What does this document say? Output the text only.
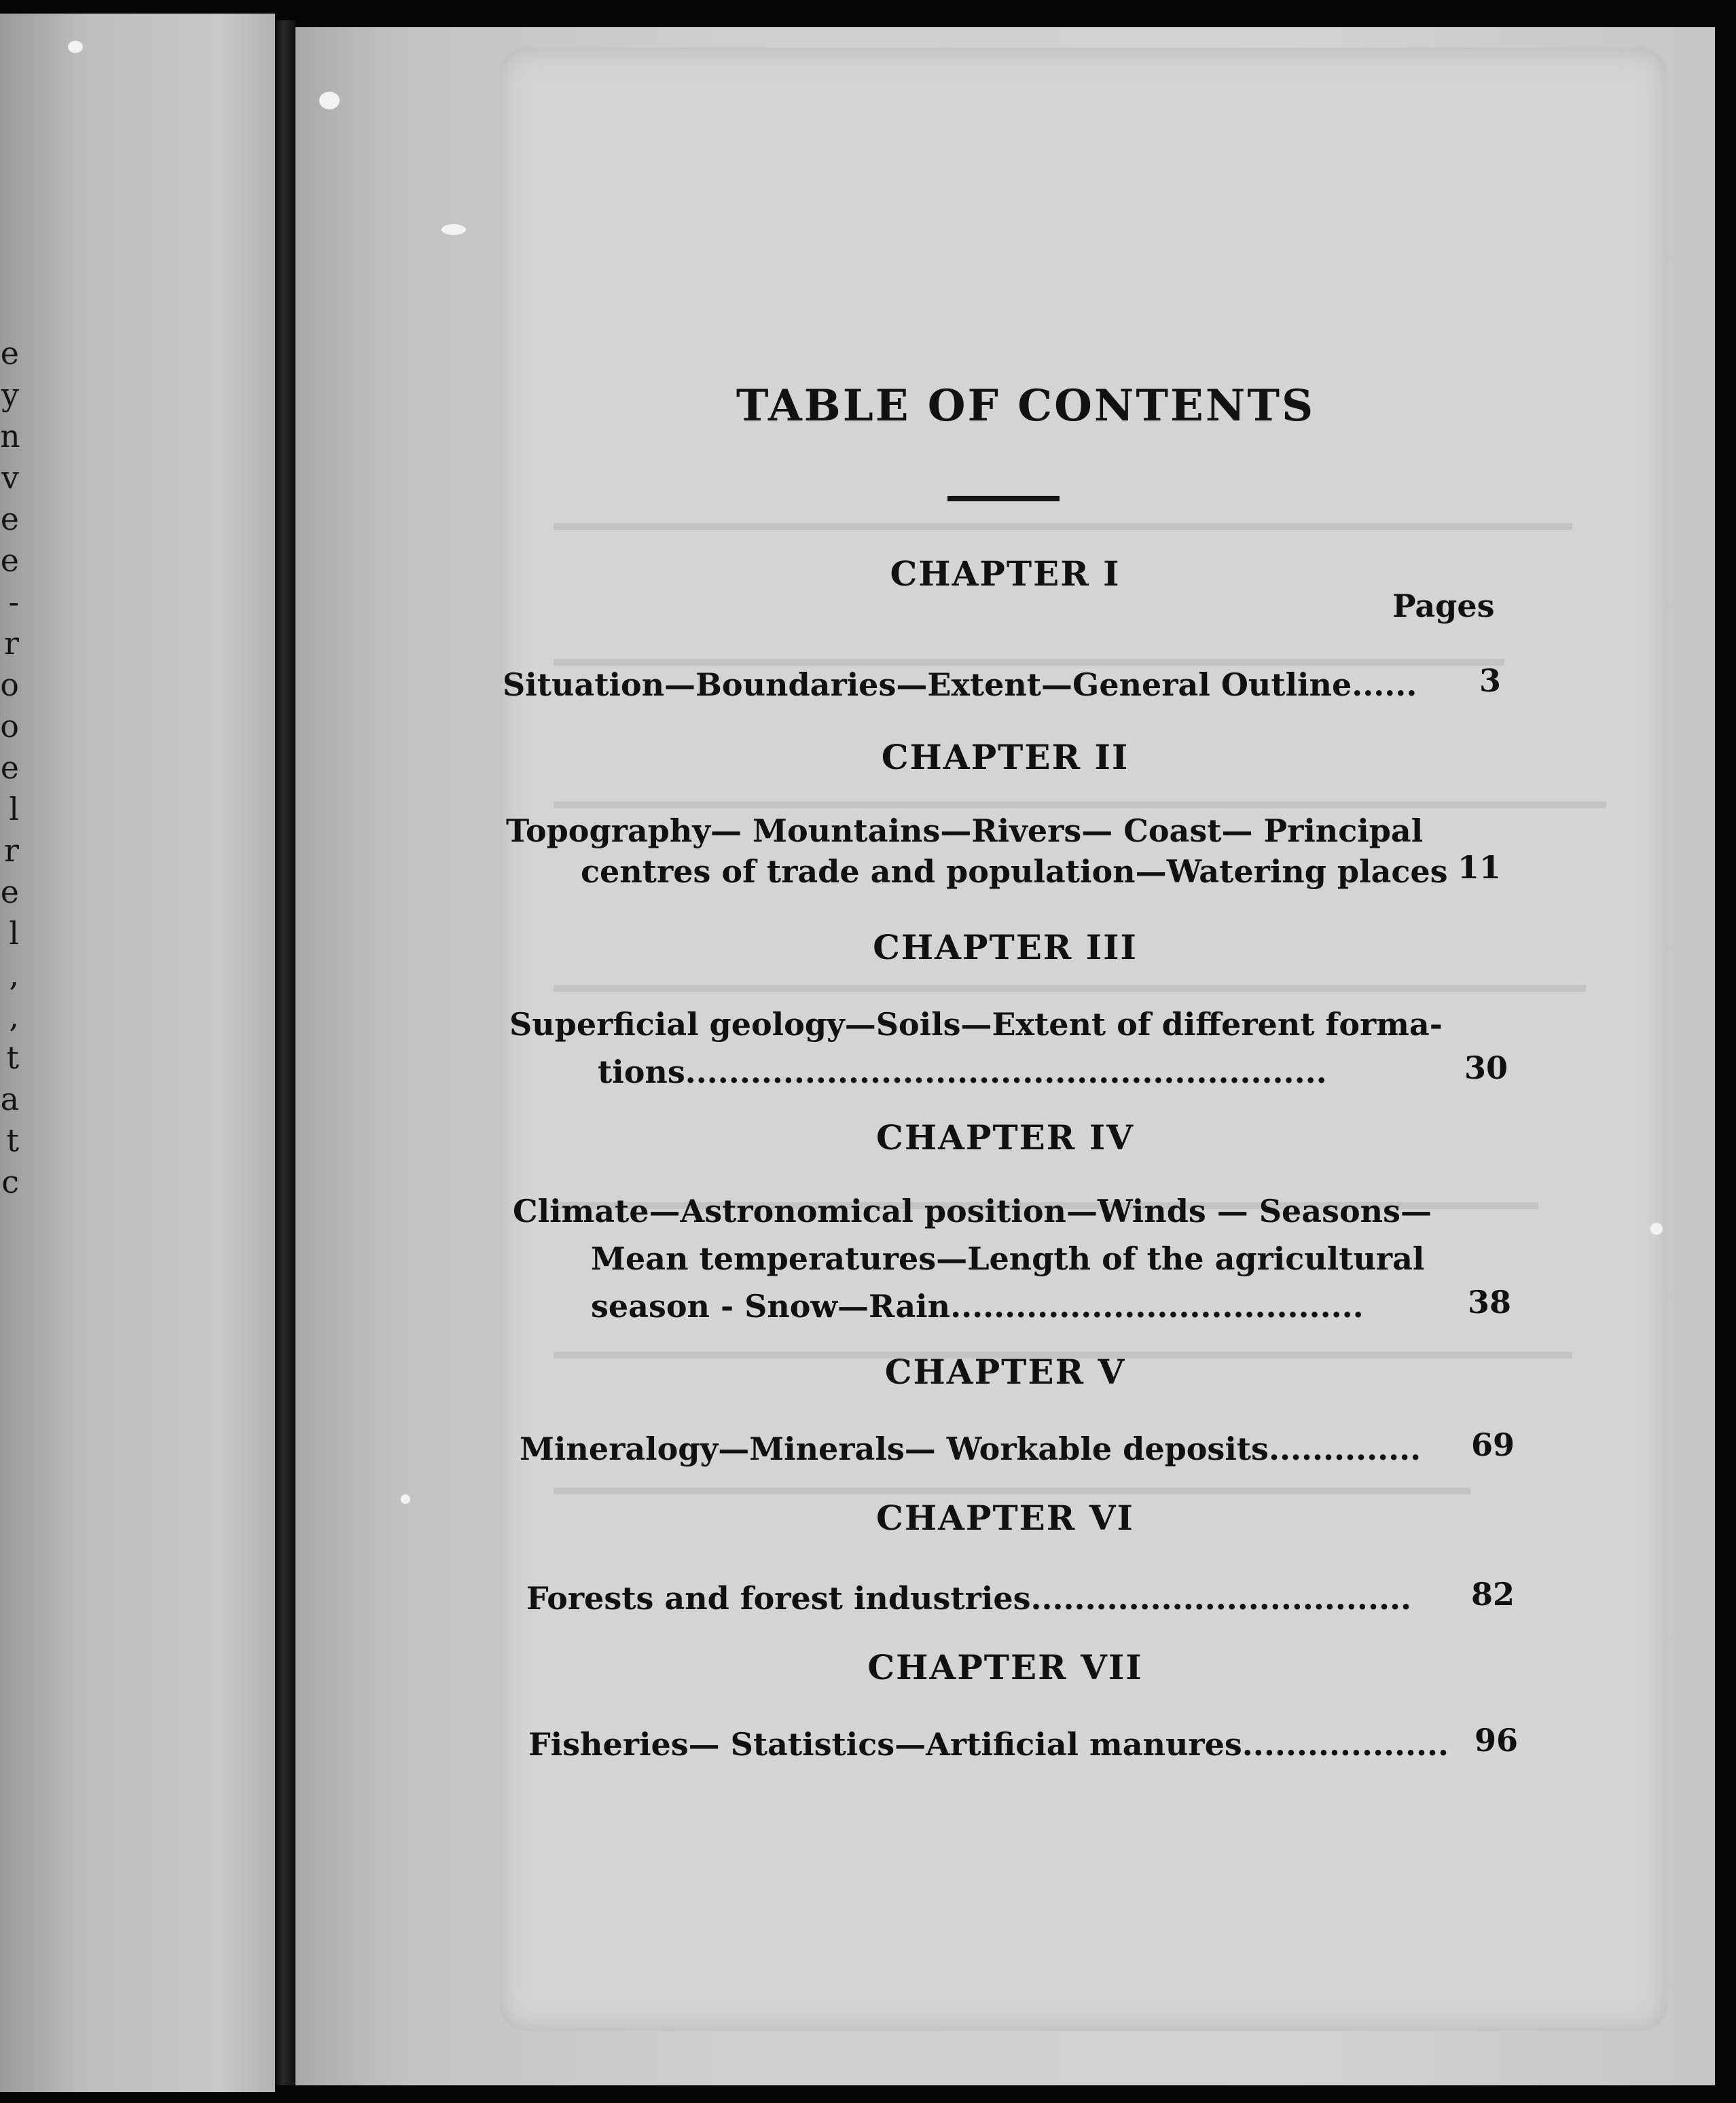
e
y
n
v
e
e
-
r
o
o
e
l
r
e
l
,
,
t
a
t
c
TABLE OF CONTENTS
Pages
CHAPTER I
Situation—Boundaries—Extent—General Outline......	3
CHAPTER II
Topography— Mountains—Rivers— Coast— Principal
centres of trade and population—Watering places 11
CHAPTER III
Superficial geology—Soils—Extent of different forma-
tions...........................................................	30
CHAPTER IV
Climate—Astronomical position—Winds — Seasons—
Mean temperatures—Length of the agricultural
season - Snow—Rain......................................	38
CHAPTER V
Mineralogy—Minerals— Workable deposits..............	69
CHAPTER VI
Forests and forest industries...................................	82
CHAPTER VII
Fisheries— Statistics—Artificial manures................... 96
